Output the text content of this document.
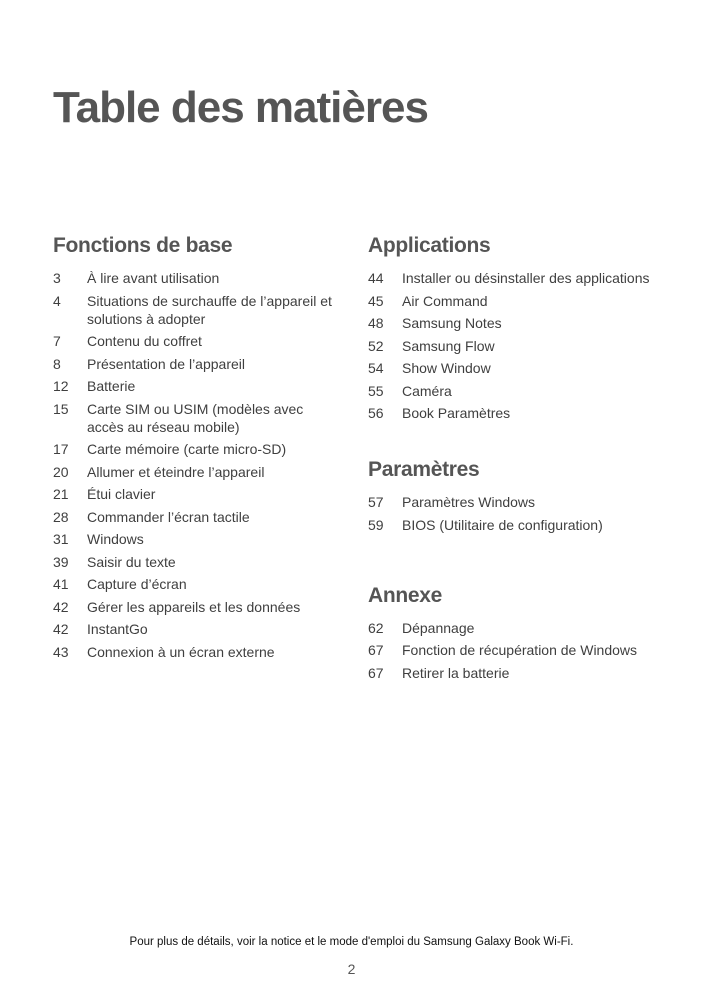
Table des matières
Fonctions de base
3	À lire avant utilisation
4	Situations de surchauffe de l’appareil et solutions à adopter
7	Contenu du coffret
8	Présentation de l’appareil
12	Batterie
15	Carte SIM ou USIM (modèles avec accès au réseau mobile)
17	Carte mémoire (carte micro-SD)
20	Allumer et éteindre l’appareil
21	Étui clavier
28	Commander l’écran tactile
31	Windows
39	Saisir du texte
41	Capture d’écran
42	Gérer les appareils et les données
42	InstantGo
43	Connexion à un écran externe
Applications
44	Installer ou désinstaller des applications
45	Air Command
48	Samsung Notes
52	Samsung Flow
54	Show Window
55	Caméra
56	Book Paramètres
Paramètres
57	Paramètres Windows
59	BIOS (Utilitaire de configuration)
Annexe
62	Dépannage
67	Fonction de récupération de Windows
67	Retirer la batterie
Pour plus de détails, voir la notice et le mode d'emploi du Samsung Galaxy Book Wi-Fi.
2
